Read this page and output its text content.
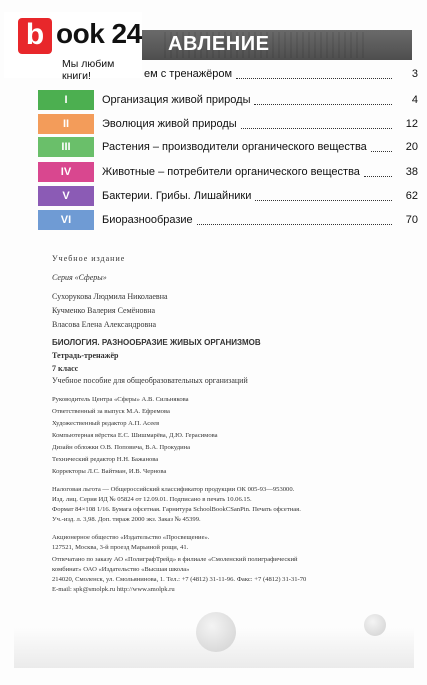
АВЛЕНИЕ
b ook 24
Мы любим книги!	ем с тренажёром	3
I	Организация живой природы	4
II	Эволюция живой природы	12
III	Растения – производители органического вещества	20
IV	Животные – потребители органического вещества	38
V	Бактерии. Грибы. Лишайники	62
VI	Биоразнообразие	70
Учебное издание
Серия «Сферы»
Сухорукова Людмила Николаевна
Кучменко Валерия Семёновна
Власова Елена Александровна
БИОЛОГИЯ. РАЗНООБРАЗИЕ ЖИВЫХ ОРГАНИЗМОВ
Тетрадь-тренажёр
7 класс
Учебное пособие для общеобразовательных организаций
Руководитель Центра «Сферы» А.В. Сильнякова
Ответственный за выпуск М.А. Ефремова
Художественный редактор А.П. Асеев
Компьютерная вёрстка Е.С. Шишмарёва, Д.Ю. Герасимова
Дизайн обложки О.В. Поповича, В.А. Прокудина
Технический редактор Н.Н. Бажанова
Корректоры Л.С. Вайтман, И.В. Чернова
Налоговая льгота — Общероссийский классификатор продукции ОК 005-93—953000.
Изд. лиц. Серия ИД № 05824 от 12.09.01. Подписано в печать 10.06.15.
Формат 84×108 1/16. Бумага офсетная. Гарнитура SchoolBookCSanPin. Печать офсетная.
Уч.-изд. л. 3,98. Доп. тираж 2000 экз. Заказ № 45399.
Акционерное общество «Издательство «Просвещение».
127521, Москва, 3-й проезд Марьиной рощи, 41.
Отпечатано по заказу АО «ПолиграфТрейд» в филиале «Смоленский полиграфический
комбинат» ОАО «Издательство «Высшая школа»
214020, Смоленск, ул. Смольянинова, 1. Тел.: +7 (4812) 31-11-96. Факс: +7 (4812) 31-31-70
E-mail: spk@smolpk.ru http://www.smolpk.ru
